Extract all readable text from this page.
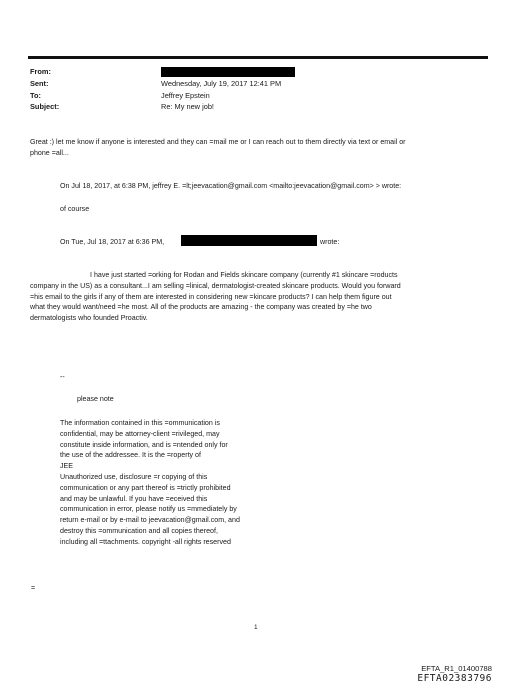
From:
Sent:	Wednesday, July 19, 2017 12:41 PM
To:	Jeffrey Epstein
Subject:	Re: My new job!
Great :) let me know if anyone is interested and they can =mail me or I can reach out to them directly via text or email or
phone =all...
On Jul 18, 2017, at 6:38 PM, jeffrey E. =lt;jeevacation@gmail.com <mailto:jeevacation@gmail.com> > wrote:
of course
On Tue, Jul 18, 2017 at 6:36 PM,	wrote:
I have just started =orking for Rodan and Fields skincare company (currently #1 skincare =roducts
company in the US) as a consultant...I am selling =linical, dermatologist-created skincare products. Would you forward
=his email to the girls if any of them are interested in considering new =kincare products? I can help them figure out
what they would want/need =he most. All of the products are amazing - the company was created by =he two
dermatologists who founded Proactiv.
--
please note
The information contained in this =ommunication is
confidential, may be attorney-client =rivileged, may
constitute inside information, and is =ntended only for
the use of the addressee. It is the =roperty of
JEE
Unauthorized use, disclosure =r copying of this
communication or any part thereof is =trictly prohibited
and may be unlawful. If you have =eceived this
communication in error, please notify us =mmediately by
return e-mail or by e-mail to jeevacation@gmail.com, and
destroy this =ommunication and all copies thereof,
including all =ttachments. copyright -all rights reserved
=
1
EFTA_R1_01400788
EFTA02383796
